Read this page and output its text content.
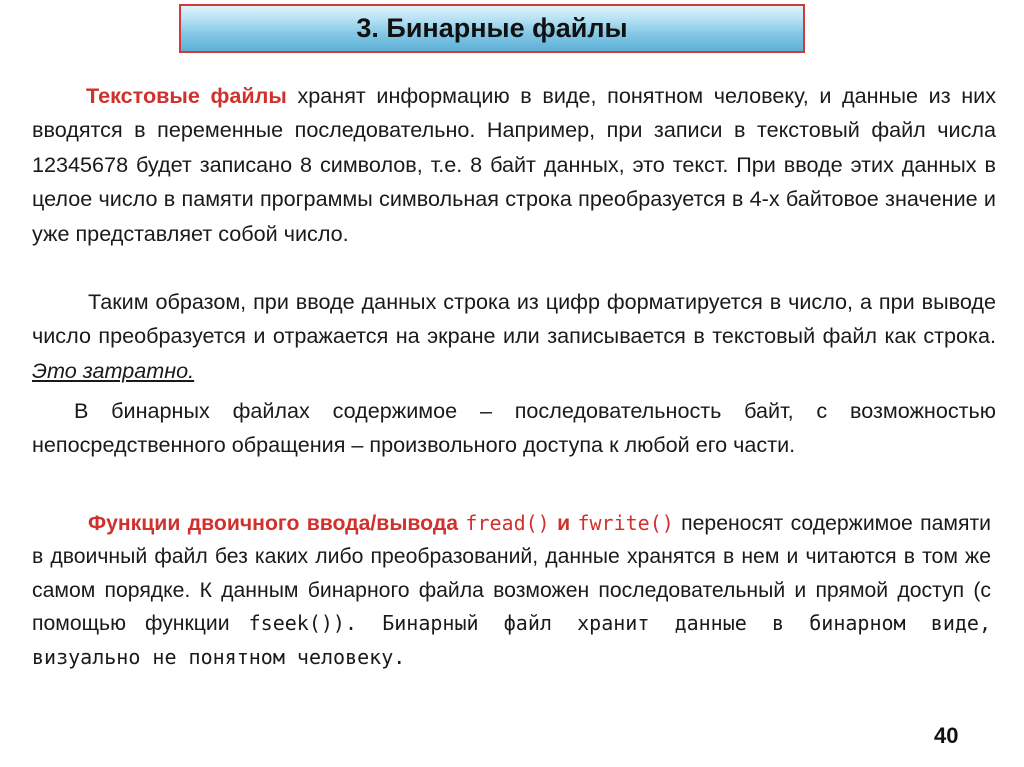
3. Бинарные файлы

Текстовые файлы хранят информацию в виде, понятном человеку, и данные из них вводятся в переменные последовательно. Например, при записи в текстовый файл числа 12345678 будет записано 8 символов, т.е. 8 байт данных, это текст. При вводе этих данных в целое число в памяти программы символьная строка преобразуется в 4-х байтовое значение и уже представляет собой число.

Таким образом, при вводе данных строка из цифр форматируется в число, а при выводе число преобразуется и отражается на экране или записывается в текстовый файл как строка. Это затратно.

В бинарных файлах содержимое – последовательность байт, с возможностью непосредственного обращения – произвольного доступа к любой его части.

Функции двоичного ввода/вывода fread() и fwrite() переносят содержимое памяти в двоичный файл без каких либо преобразований, данные хранятся в нем и читаются в том же самом порядке. К данным бинарного файла возможен последовательный и прямой доступ (с помощью функции fseek()). Бинарный файл хранит данные в бинарном виде, визуально не понятном человеку.

40
